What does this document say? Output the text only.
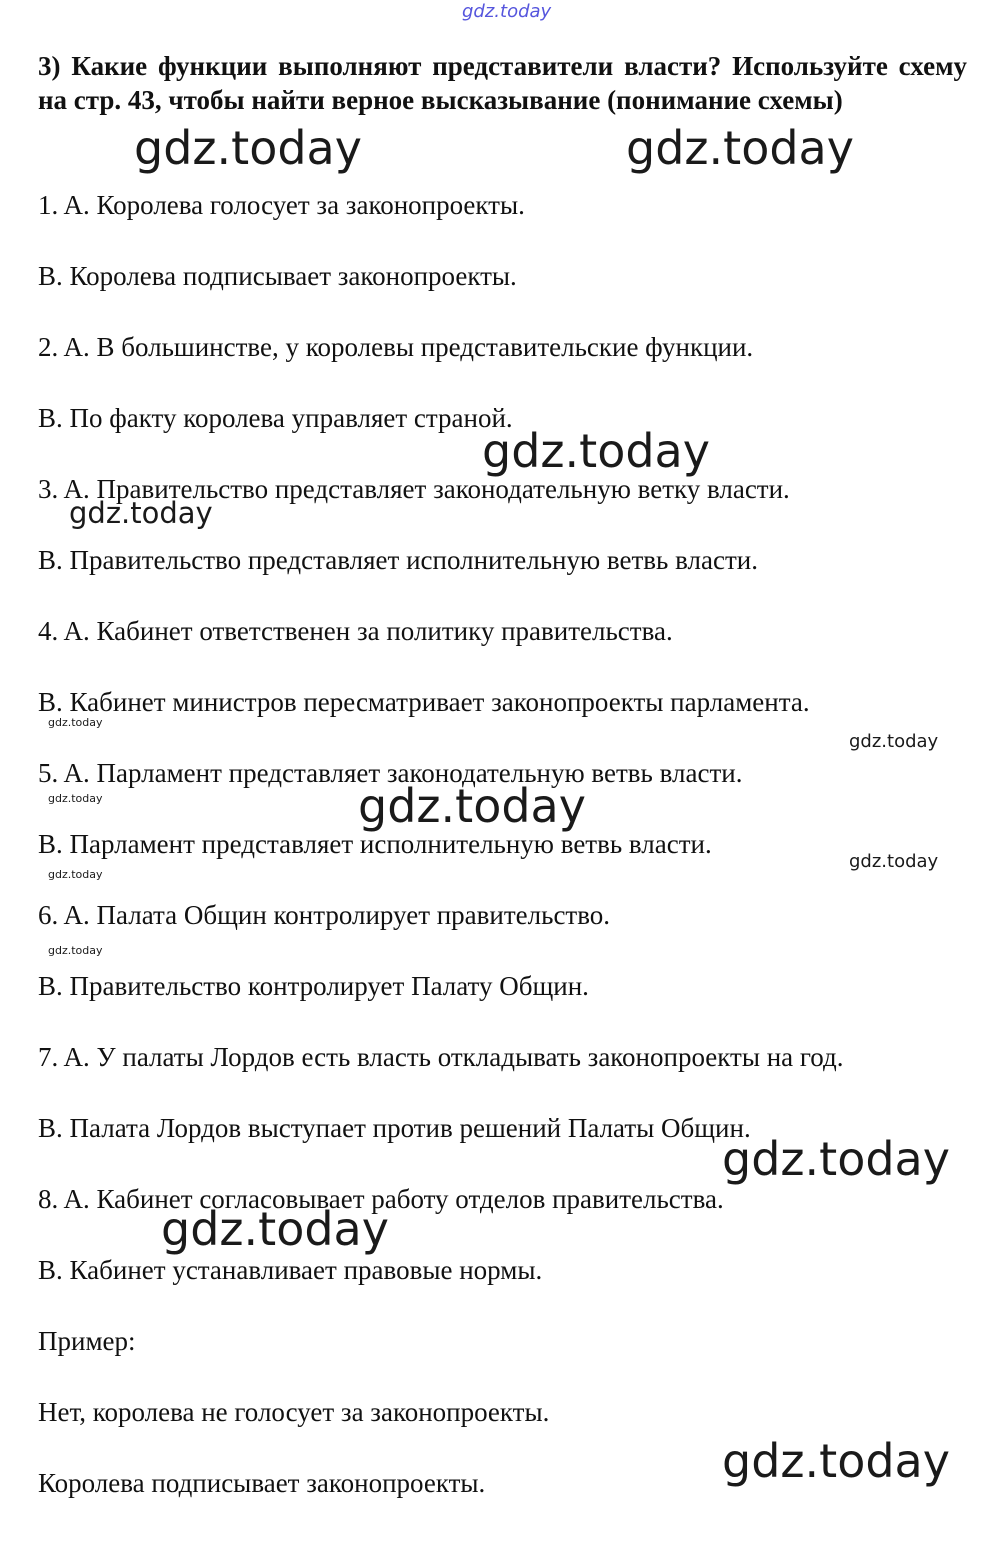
gdz.today

3) Какие функции выполняют представители власти? Используйте схему на стр. 43, чтобы найти верное высказывание (понимание схемы)

1. A. Королева голосует за законопроекты.

B. Королева подписывает законопроекты.

2. A. В большинстве, у королевы представительские функции.

B. По факту королева управляет страной.

3. A. Правительство представляет законодательную ветку власти.

B. Правительство представляет исполнительную ветвь власти.

4. A. Кабинет ответственен за политику правительства.

B. Кабинет министров пересматривает законопроекты парламента.

5. A. Парламент представляет законодательную ветвь власти.

B. Парламент представляет исполнительную ветвь власти.

6. A. Палата Общин контролирует правительство.

B. Правительство контролирует Палату Общин.

7. A. У палаты Лордов есть власть откладывать законопроекты на год.

B. Палата Лордов выступает против решений Палаты Общин.

8. A. Кабинет согласовывает работу отделов правительства.

B. Кабинет устанавливает правовые нормы.

Пример:

Нет, королева не голосует за законопроекты.

Королева подписывает законопроекты.

gdz.today	gdz.today
gdz.today
gdz.today
gdz.today
gdz.today
gdz.today	gdz.today
gdz.today
gdz.today
gdz.today
gdz.today
gdz.today
gdz.today
